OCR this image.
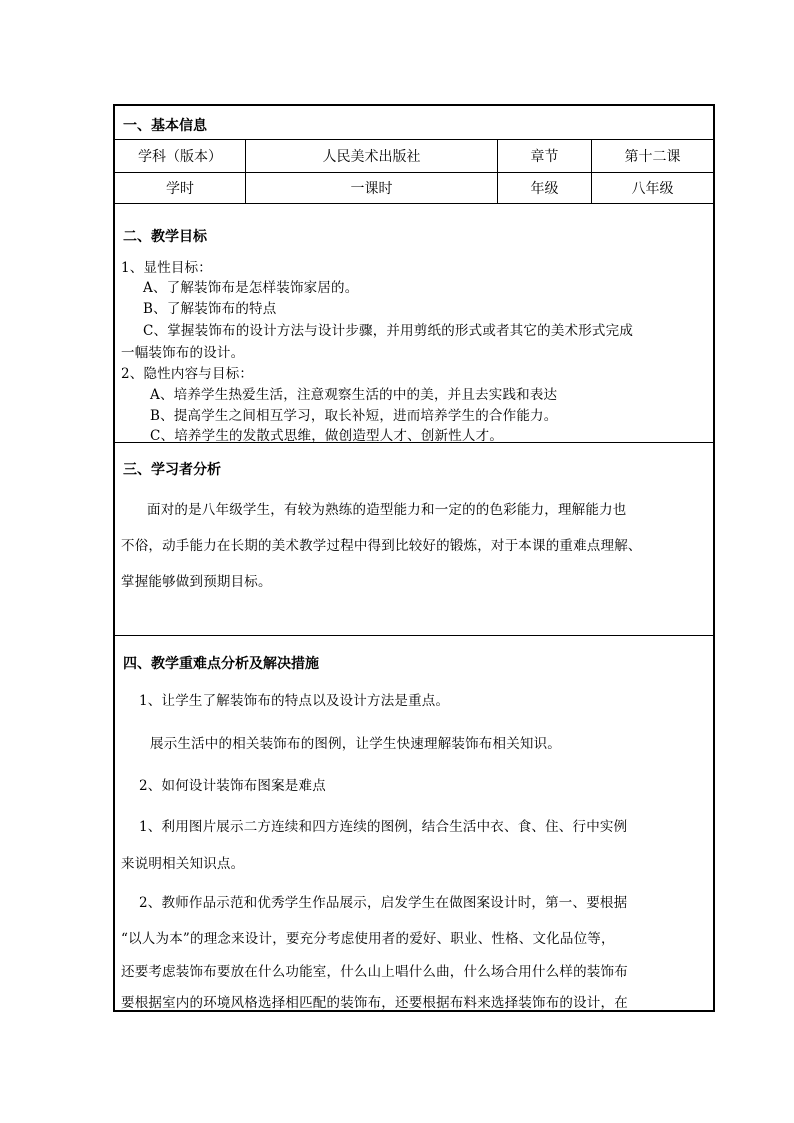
一、基本信息
学科（版本）	人民美术出版社	章节	第十二课
学时	一课时	年级	八年级
二、教学目标
1、显性目标：
A、了解装饰布是怎样装饰家居的。
B、了解装饰布的特点
C、掌握装饰布的设计方法与设计步骤，并用剪纸的形式或者其它的美术形式完成
一幅装饰布的设计。
2、隐性内容与目标：
A、培养学生热爱生活，注意观察生活的中的美，并且去实践和表达
B、提高学生之间相互学习，取长补短，进而培养学生的合作能力。
C、培养学生的发散式思维，做创造型人才、创新性人才。
三、学习者分析
面对的是八年级学生，有较为熟练的造型能力和一定的的色彩能力，理解能力也
不俗，动手能力在长期的美术教学过程中得到比较好的锻炼，对于本课的重难点理解、
掌握能够做到预期目标。
四、教学重难点分析及解决措施
1、让学生了解装饰布的特点以及设计方法是重点。
展示生活中的相关装饰布的图例，让学生快速理解装饰布相关知识。
2、如何设计装饰布图案是难点
1、利用图片展示二方连续和四方连续的图例，结合生活中衣、食、住、行中实例
来说明相关知识点。
2、教师作品示范和优秀学生作品展示，启发学生在做图案设计时，第一、要根据
“以人为本”的理念来设计，要充分考虑使用者的爱好、职业、性格、文化品位等，
还要考虑装饰布要放在什么功能室，什么山上唱什么曲，什么场合用什么样的装饰布
要根据室内的环境风格选择相匹配的装饰布，还要根据布料来选择装饰布的设计，在
